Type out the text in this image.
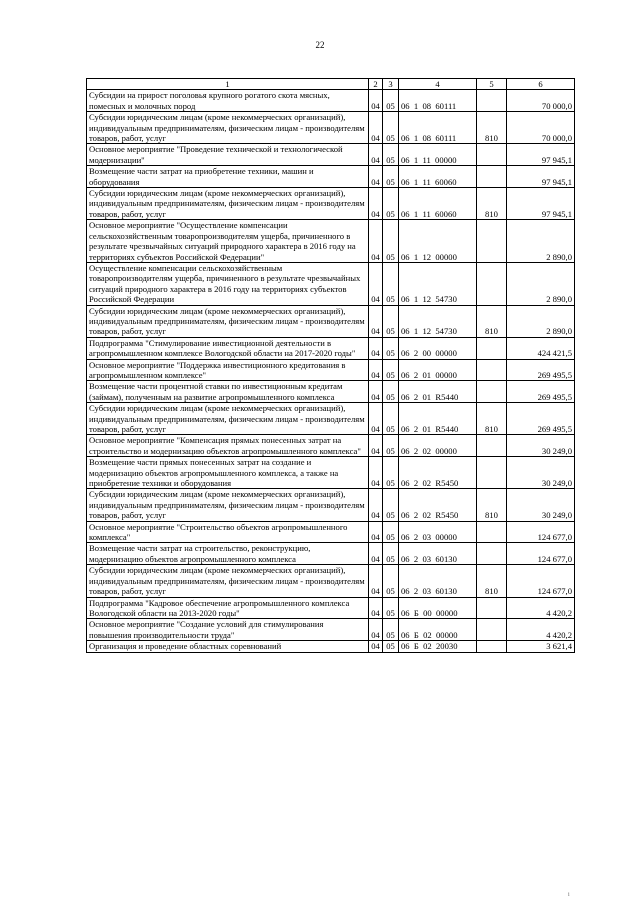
22
1	2	3	4	5	6
Субсидии на прирост поголовья крупного рогатого скота мясных, помесных и молочных пород	04	05	06  1  08  60111		70 000,0
Субсидии юридическим лицам (кроме некоммерческих организаций), индивидуальным предпринимателям, физическим лицам - производителям товаров, работ, услуг	04	05	06  1  08  60111	810	70 000,0
Основное мероприятие "Проведение технической и технологической модернизации"	04	05	06  1  11  00000		97 945,1
Возмещение части затрат на приобретение техники, машин и оборудования	04	05	06  1  11  60060		97 945,1
Субсидии юридическим лицам (кроме некоммерческих организаций), индивидуальным предпринимателям, физическим лицам - производителям товаров, работ, услуг	04	05	06  1  11  60060	810	97 945,1
Основное мероприятие "Осуществление компенсации сельскохозяйственным товаропроизводителям ущерба, причиненного в результате чрезвычайных ситуаций природного характера в 2016 году на территориях субъектов Российской Федерации"	04	05	06  1  12  00000		2 890,0
Осуществление компенсации сельскохозяйственным товаропроизводителям ущерба, причиненного в результате чрезвычайных ситуаций природного характера в 2016 году на территориях субъектов Российской Федерации	04	05	06  1  12  54730		2 890,0
Субсидии юридическим лицам (кроме некоммерческих организаций), индивидуальным предпринимателям, физическим лицам - производителям товаров, работ, услуг	04	05	06  1  12  54730	810	2 890,0
Подпрограмма "Стимулирование инвестиционной деятельности в агропромышленном комплексе Вологодской области на 2017-2020 годы"	04	05	06  2  00  00000		424 421,5
Основное мероприятие "Поддержка инвестиционного кредитования в агропромышленном комплексе"	04	05	06  2  01  00000		269 495,5
Возмещение части процентной ставки по инвестиционным кредитам (займам), полученным на развитие агропромышленного комплекса	04	05	06  2  01  R5440		269 495,5
Субсидии юридическим лицам (кроме некоммерческих организаций), индивидуальным предпринимателям, физическим лицам - производителям товаров, работ, услуг	04	05	06  2  01  R5440	810	269 495,5
Основное мероприятие "Компенсация прямых понесенных затрат на строительство и модернизацию объектов агропромышленного комплекса"	04	05	06  2  02  00000		30 249,0
Возмещение части прямых понесенных затрат на создание и модернизацию объектов агропромышленного комплекса, а также на приобретение техники и оборудования	04	05	06  2  02  R5450		30 249,0
Субсидии юридическим лицам (кроме некоммерческих организаций), индивидуальным предпринимателям, физическим лицам - производителям товаров, работ, услуг	04	05	06  2  02  R5450	810	30 249,0
Основное мероприятие "Строительство объектов агропромышленного комплекса"	04	05	06  2  03  00000		124 677,0
Возмещение части затрат на строительство, реконструкцию, модернизацию объектов агропромышленного комплекса	04	05	06  2  03  60130		124 677,0
Субсидии юридическим лицам (кроме некоммерческих организаций), индивидуальным предпринимателям, физическим лицам - производителям товаров, работ, услуг	04	05	06  2  03  60130	810	124 677,0
Подпрограмма "Кадровое обеспечение агропромышленного комплекса Вологодской области на 2013-2020 годы"	04	05	06  Б  00  00000		4 420,2
Основное мероприятие "Создание условий для стимулирования повышения производительности труда"	04	05	06  Б  02  00000		4 420,2
Организация и проведение областных соревнований	04	05	06  Б  02  20030		3 621,4
i
